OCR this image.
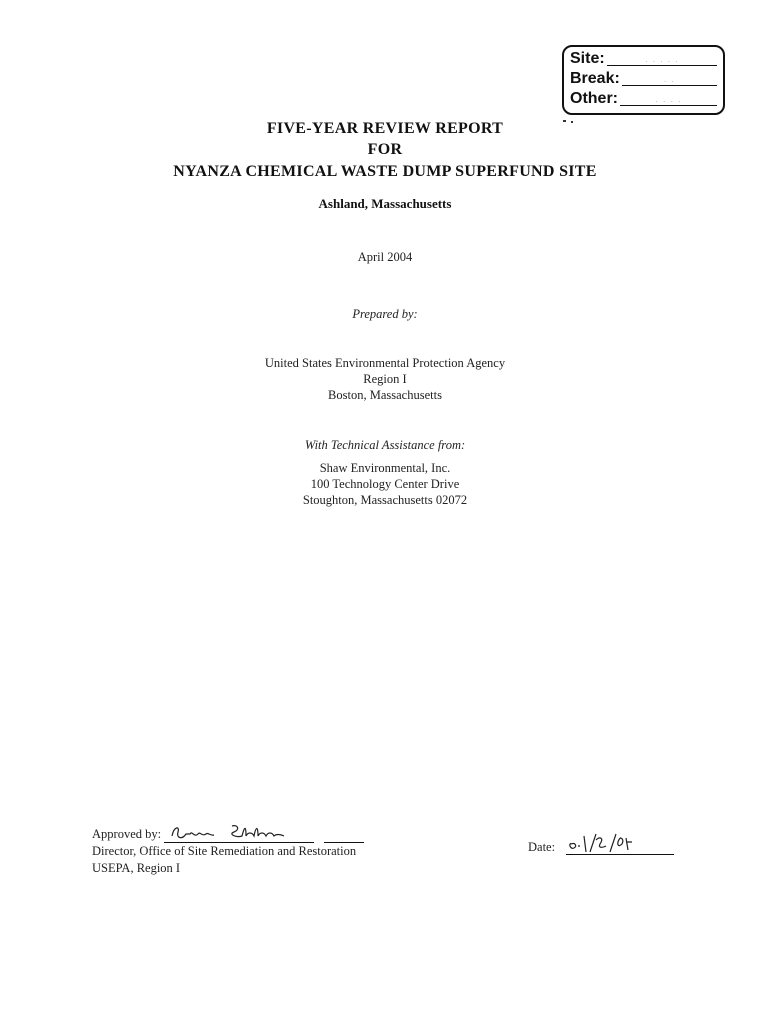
Site:	· · · · ·
Break:	· ·
Other:	· · · ·
FIVE-YEAR REVIEW REPORT
FOR
NYANZA CHEMICAL WASTE DUMP SUPERFUND SITE
Ashland, Massachusetts
April 2004
Prepared by:
United States Environmental Protection Agency
Region I
Boston, Massachusetts
With Technical Assistance from:
Shaw Environmental, Inc.
100 Technology Center Drive
Stoughton, Massachusetts 02072
Approved by:
Director, Office of Site Remediation and Restoration
USEPA, Region I
Date:
